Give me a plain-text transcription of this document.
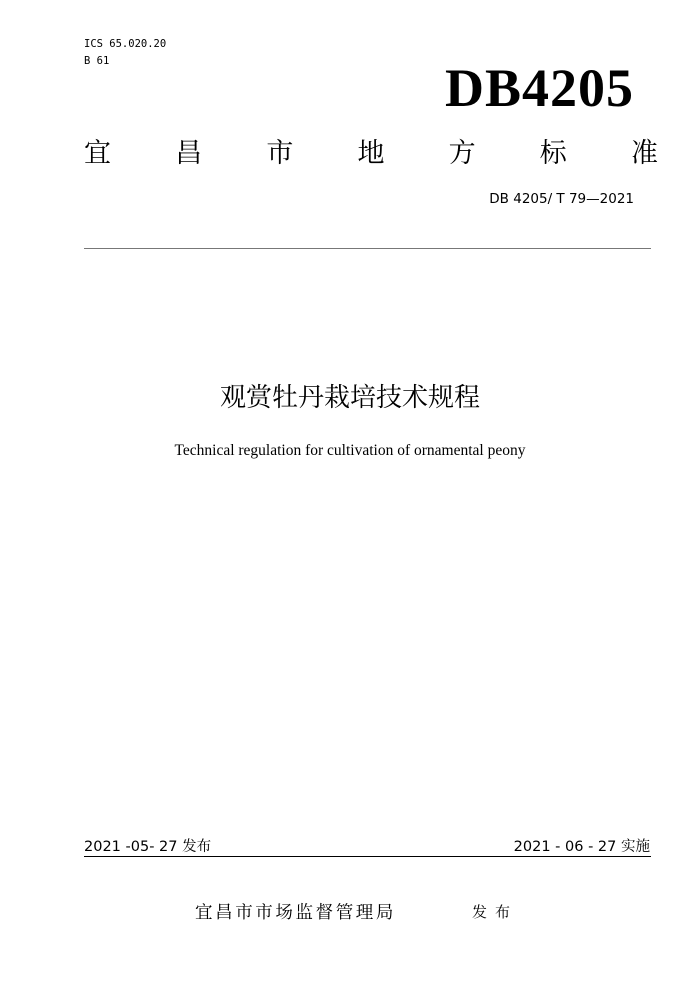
ICS 65.020.20
B 61	DB4205
宜 昌 市 地 方 标 准
DB 4205/ T 79—2021
观赏牡丹栽培技术规程
Technical regulation for cultivation of ornamental peony
2021 -05- 27 发布	2021 - 06 - 27 实施
宜昌市市场监督管理局	发布
